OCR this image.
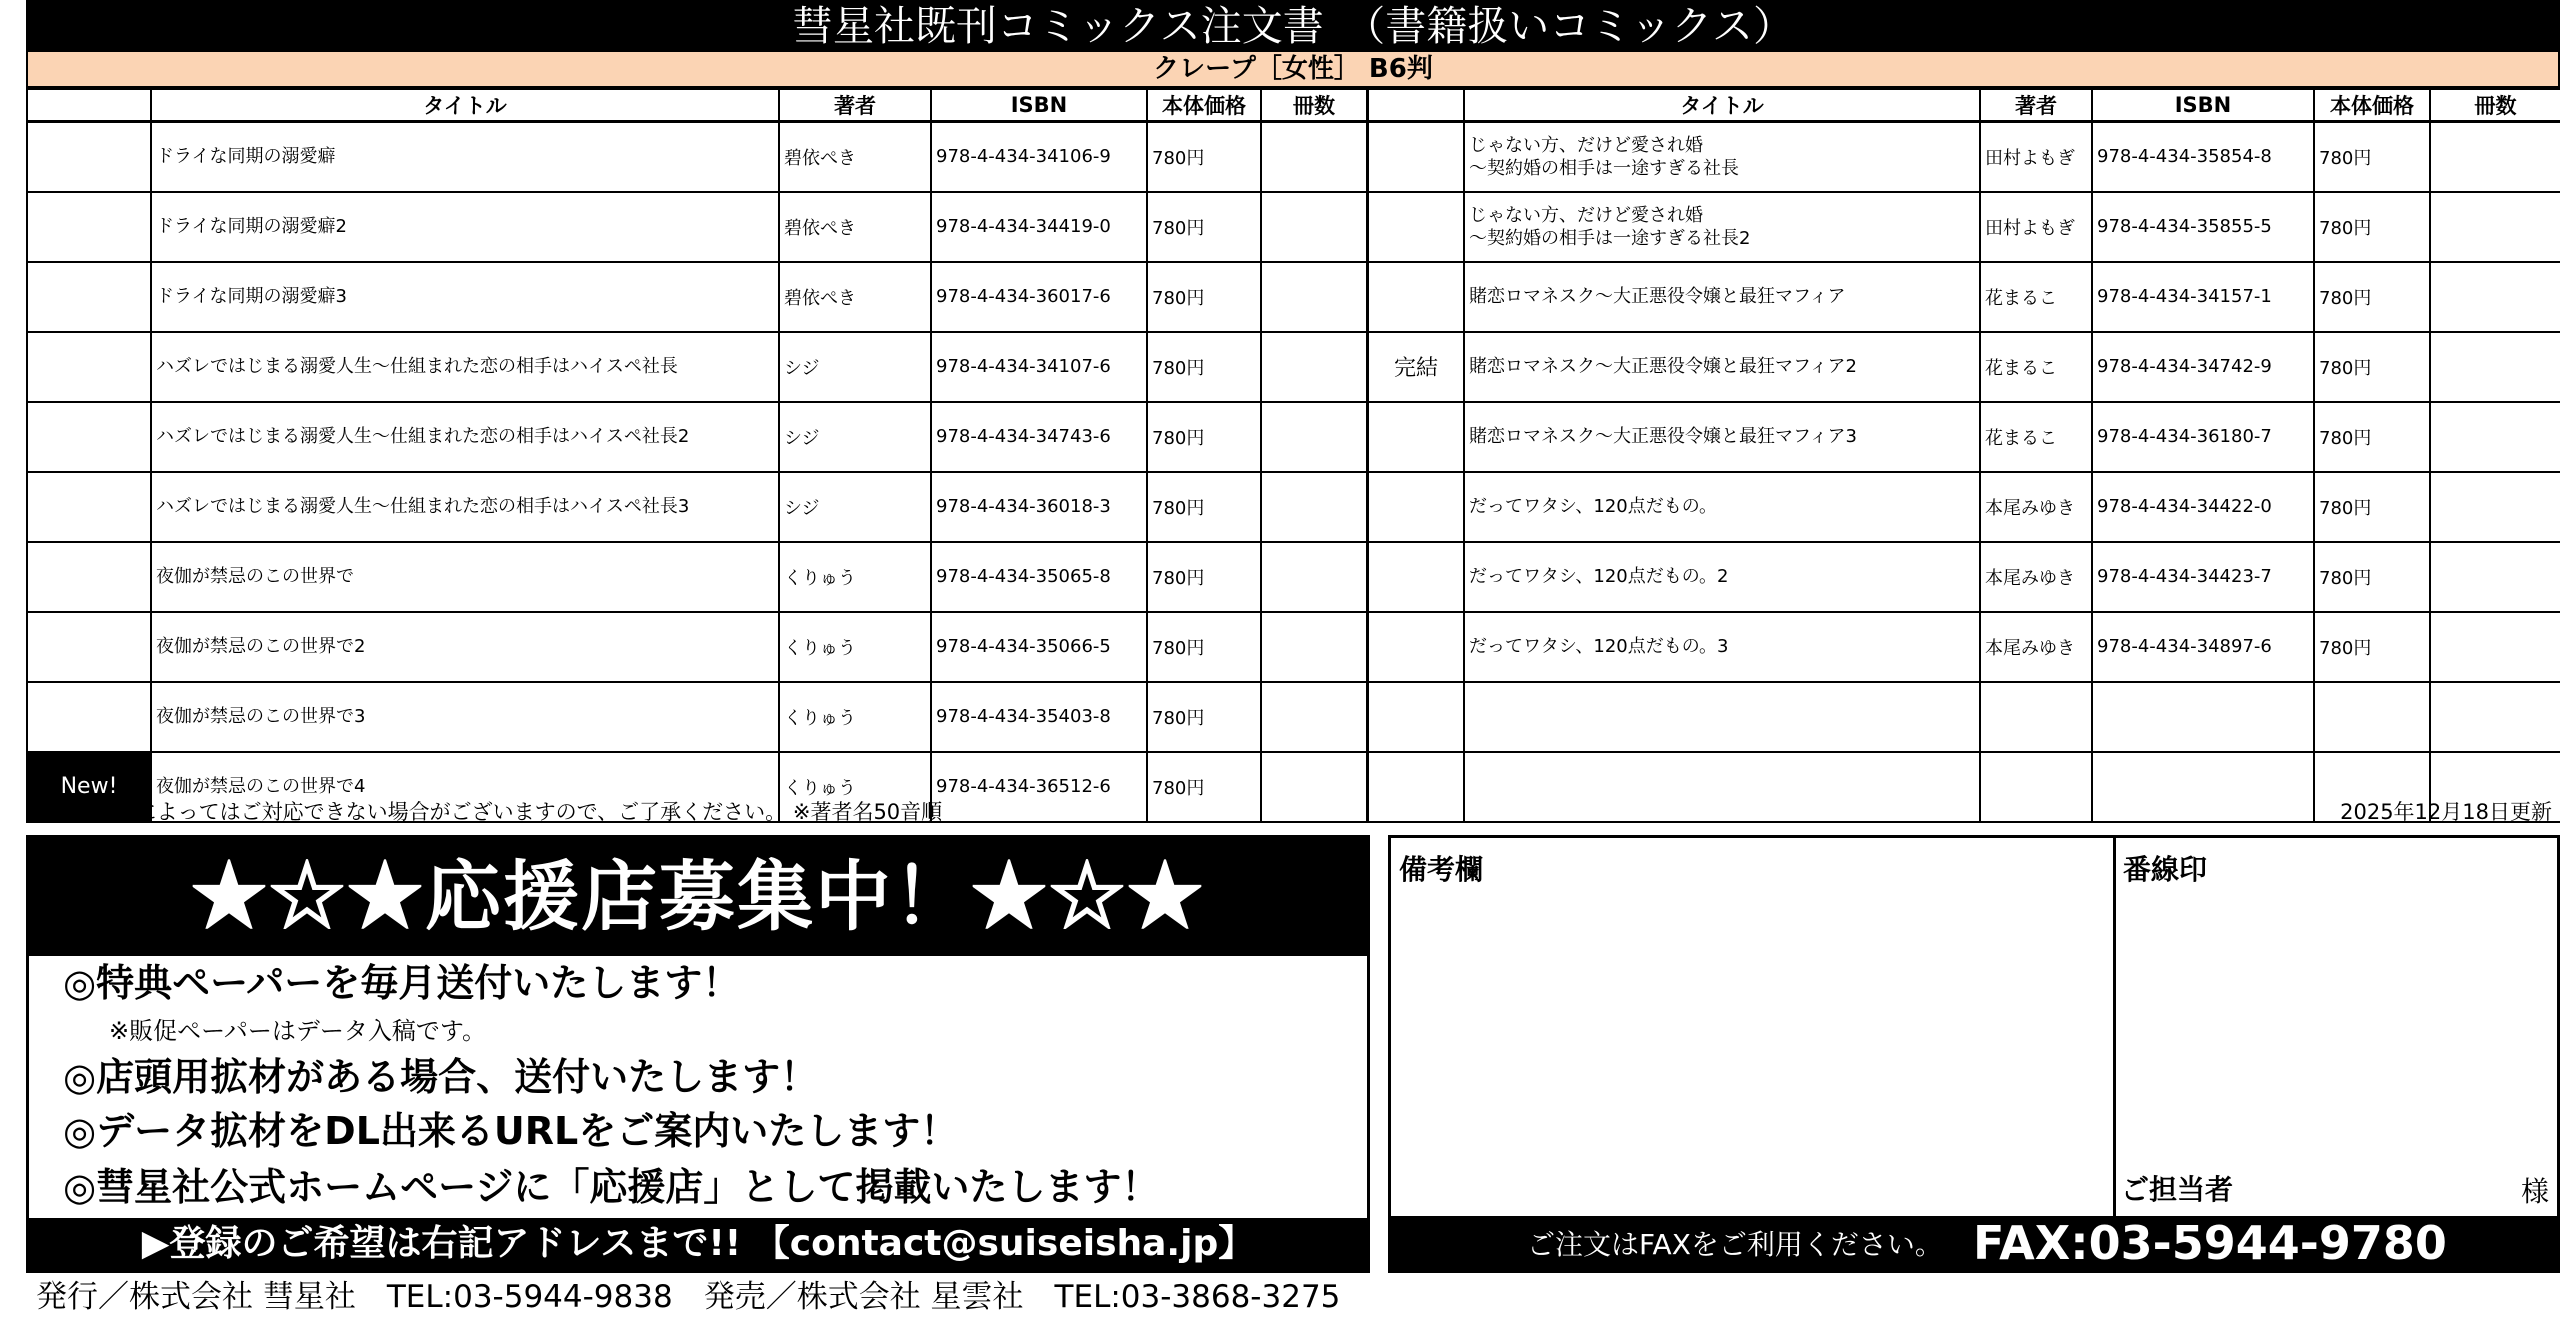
彗星社既刊コミックス注文書　（書籍扱いコミックス）
クレープ［女性］ B6判
	タイトル	著者	ISBN	本体価格	冊数
	ドライな同期の溺愛癖	碧依ぺき	978-4-434-34106-9	780円	
	ドライな同期の溺愛癖2	碧依ぺき	978-4-434-34419-0	780円	
	ドライな同期の溺愛癖3	碧依ぺき	978-4-434-36017-6	780円	
	ハズレではじまる溺愛人生～仕組まれた恋の相手はハイスペ社長	シジ	978-4-434-34107-6	780円	
	ハズレではじまる溺愛人生～仕組まれた恋の相手はハイスペ社長2	シジ	978-4-434-34743-6	780円	
	ハズレではじまる溺愛人生～仕組まれた恋の相手はハイスペ社長3	シジ	978-4-434-36018-3	780円	
	夜伽が禁忌のこの世界で	くりゅう	978-4-434-35065-8	780円	
	夜伽が禁忌のこの世界で2	くりゅう	978-4-434-35066-5	780円	
	夜伽が禁忌のこの世界で3	くりゅう	978-4-434-35403-8	780円	
New!	夜伽が禁忌のこの世界で4	くりゅう	978-4-434-36512-6	780円	
	タイトル	著者	ISBN	本体価格	冊数
	じゃない方、だけど愛され婚
～契約婚の相手は一途すぎる社長	田村よもぎ	978-4-434-35854-8	780円	
	じゃない方、だけど愛され婚
～契約婚の相手は一途すぎる社長2	田村よもぎ	978-4-434-35855-5	780円	
	賭恋ロマネスク～大正悪役令嬢と最狂マフィア	花まるこ	978-4-434-34157-1	780円	
完結	賭恋ロマネスク～大正悪役令嬢と最狂マフィア2	花まるこ	978-4-434-34742-9	780円	
	賭恋ロマネスク～大正悪役令嬢と最狂マフィア3	花まるこ	978-4-434-36180-7	780円	
	だってワタシ、120点だもの。	本尾みゆき	978-4-434-34422-0	780円	
	だってワタシ、120点だもの。2	本尾みゆき	978-4-434-34423-7	780円	
	だってワタシ、120点だもの。3	本尾みゆき	978-4-434-34897-6	780円	

※在庫状況によってはご対応できない場合がございますので、ご了承ください。 ※著者名50音順	2025年12月18日更新
★☆★応援店募集中！★☆★
◎特典ペーパーを毎月送付いたします！
※販促ペーパーはデータ入稿です。
◎店頭用拡材がある場合、送付いたします！
◎データ拡材をDL出来るURLをご案内いたします！
◎彗星社公式ホームページに「応援店」として掲載いたします！
▶登録のご希望は右記アドレスまで!! 【contact@suiseisha.jp】
備考欄	番線印
ご担当者	様
ご注文はFAXをご利用ください。 FAX:03-5944-9780
発行／株式会社 彗星社　TEL:03-5944-9838　発売／株式会社 星雲社　TEL:03-3868-3275
